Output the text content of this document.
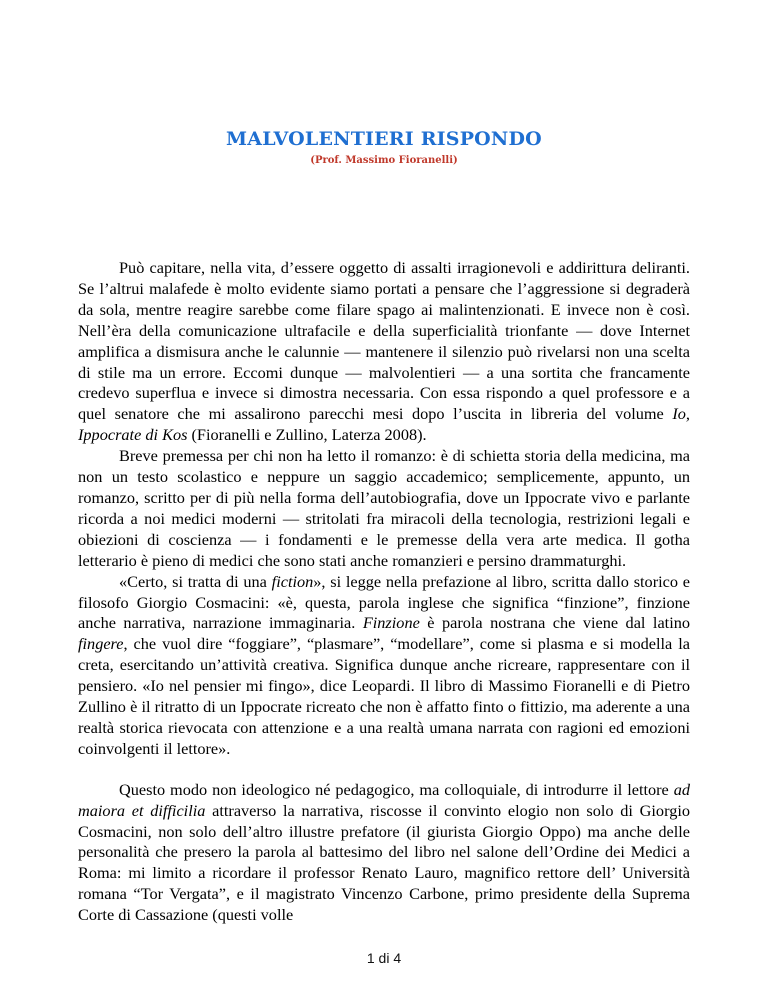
MALVOLENTIERI RISPONDO
(Prof. Massimo Fioranelli)

Può capitare, nella vita, d’essere oggetto di assalti irragionevoli e addirittura deliranti. Se l’altrui malafede è molto evidente siamo portati a pensare che l’aggressione si degraderà da sola, mentre reagire sarebbe come filare spago ai malintenzionati. E invece non è così. Nell’èra della comunicazione ultrafacile e della superficialità trionfante — dove Internet amplifica a dismisura anche le calunnie — mantenere il silenzio può rivelarsi non una scelta di stile ma un errore. Eccomi dunque — malvolentieri — a una sortita che francamente credevo superflua e invece si dimostra necessaria. Con essa rispondo a quel professore e a quel senatore che mi assalirono parecchi mesi dopo l’uscita in libreria del volume Io, Ippocrate di Kos (Fioranelli e Zullino, Laterza 2008).

Breve premessa per chi non ha letto il romanzo: è di schietta storia della medicina, ma non un testo scolastico e neppure un saggio accademico; semplicemente, appunto, un romanzo, scritto per di più nella forma dell’autobiografia, dove un Ippocrate vivo e parlante ricorda a noi medici moderni — stritolati fra miracoli della tecnologia, restrizioni legali e obiezioni di coscienza — i fondamenti e le premesse della vera arte medica. Il gotha letterario è pieno di medici che sono stati anche romanzieri e persino drammaturghi.

«Certo, si tratta di una fiction», si legge nella prefazione al libro, scritta dallo storico e filosofo Giorgio Cosmacini: «è, questa, parola inglese che significa “finzione”, finzione anche narrativa, narrazione immaginaria. Finzione è parola nostrana che viene dal latino fingere, che vuol dire “foggiare”, “plasmare”, “modellare”, come si plasma e si modella la creta, esercitando un’attività creativa. Significa dunque anche ricreare, rappresentare con il pensiero. «Io nel pensier mi fingo», dice Leopardi. Il libro di Massimo Fioranelli e di Pietro Zullino è il ritratto di un Ippocrate ricreato che non è affatto finto o fittizio, ma aderente a una realtà storica rievocata con attenzione e a una realtà umana narrata con ragioni ed emozioni coinvolgenti il lettore».

Questo modo non ideologico né pedagogico, ma colloquiale, di introdurre il lettore ad maiora et difficilia attraverso la narrativa, riscosse il convinto elogio non solo di Giorgio Cosmacini, non solo dell’altro illustre prefatore (il giurista Giorgio Oppo) ma anche delle personalità che presero la parola al battesimo del libro nel salone dell’Ordine dei Medici a Roma: mi limito a ricordare il professor Renato Lauro, magnifico rettore dell’ Università romana “Tor Vergata”, e il magistrato Vincenzo Carbone, primo presidente della Suprema Corte di Cassazione (questi volle

1 di 4
